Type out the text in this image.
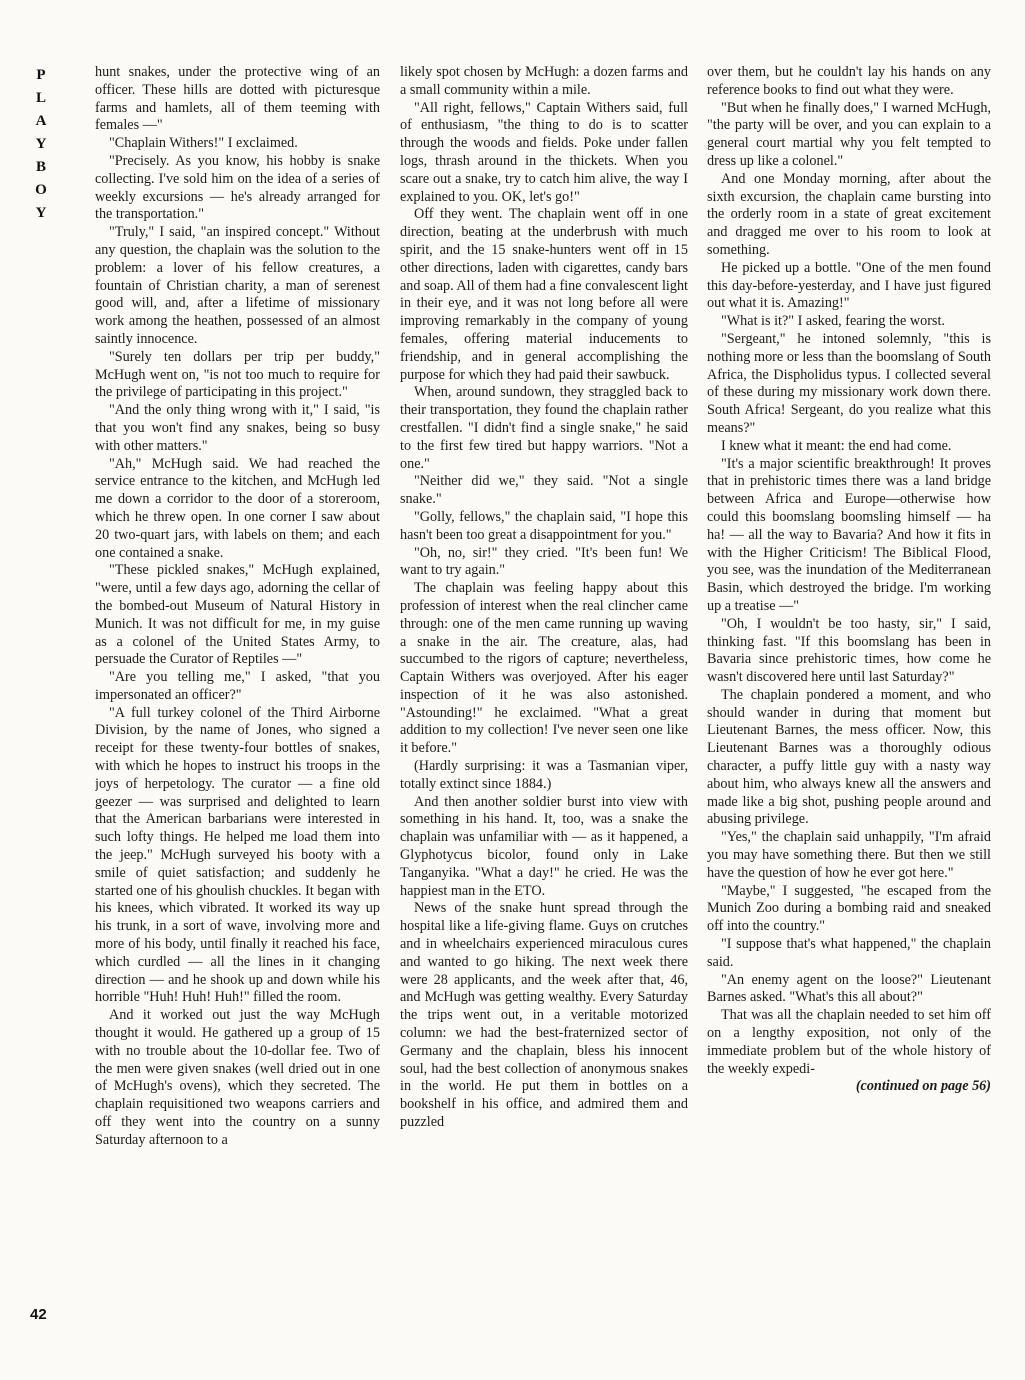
P
L
A
Y
B
O
Y
42

hunt snakes, under the protective wing of an officer. These hills are dotted with picturesque farms and hamlets, all of them teeming with females —"

"Chaplain Withers!" I exclaimed.

"Precisely. As you know, his hobby is snake collecting. I've sold him on the idea of a series of weekly excursions — he's already arranged for the transportation."

"Truly," I said, "an inspired concept." Without any question, the chaplain was the solution to the problem: a lover of his fellow creatures, a fountain of Christian charity, a man of serenest good will, and, after a lifetime of missionary work among the heathen, possessed of an almost saintly innocence.

"Surely ten dollars per trip per buddy," McHugh went on, "is not too much to require for the privilege of participating in this project."

"And the only thing wrong with it," I said, "is that you won't find any snakes, being so busy with other matters."

"Ah," McHugh said. We had reached the service entrance to the kitchen, and McHugh led me down a corridor to the door of a storeroom, which he threw open. In one corner I saw about 20 two-quart jars, with labels on them; and each one contained a snake.

"These pickled snakes," McHugh explained, "were, until a few days ago, adorning the cellar of the bombed-out Museum of Natural History in Munich. It was not difficult for me, in my guise as a colonel of the United States Army, to persuade the Curator of Reptiles —"

"Are you telling me," I asked, "that you impersonated an officer?"

"A full turkey colonel of the Third Airborne Division, by the name of Jones, who signed a receipt for these twenty-four bottles of snakes, with which he hopes to instruct his troops in the joys of herpetology. The curator — a fine old geezer — was surprised and delighted to learn that the American barbarians were interested in such lofty things. He helped me load them into the jeep." McHugh surveyed his booty with a smile of quiet satisfaction; and suddenly he started one of his ghoulish chuckles. It began with his knees, which vibrated. It worked its way up his trunk, in a sort of wave, involving more and more of his body, until finally it reached his face, which curdled — all the lines in it changing direction — and he shook up and down while his horrible "Huh! Huh! Huh!" filled the room.

And it worked out just the way McHugh thought it would. He gathered up a group of 15 with no trouble about the 10-dollar fee. Two of the men were given snakes (well dried out in one of McHugh's ovens), which they secreted. The chaplain requisitioned two weapons carriers and off they went into the country on a sunny Saturday afternoon to a

likely spot chosen by McHugh: a dozen farms and a small community within a mile.

"All right, fellows," Captain Withers said, full of enthusiasm, "the thing to do is to scatter through the woods and fields. Poke under fallen logs, thrash around in the thickets. When you scare out a snake, try to catch him alive, the way I explained to you. OK, let's go!"

Off they went. The chaplain went off in one direction, beating at the underbrush with much spirit, and the 15 snake-hunters went off in 15 other directions, laden with cigarettes, candy bars and soap. All of them had a fine convalescent light in their eye, and it was not long before all were improving remarkably in the company of young females, offering material inducements to friendship, and in general accomplishing the purpose for which they had paid their sawbuck.

When, around sundown, they straggled back to their transportation, they found the chaplain rather crestfallen. "I didn't find a single snake," he said to the first few tired but happy warriors. "Not a one."

"Neither did we," they said. "Not a single snake."

"Golly, fellows," the chaplain said, "I hope this hasn't been too great a disappointment for you."

"Oh, no, sir!" they cried. "It's been fun! We want to try again."

The chaplain was feeling happy about this profession of interest when the real clincher came through: one of the men came running up waving a snake in the air. The creature, alas, had succumbed to the rigors of capture; nevertheless, Captain Withers was overjoyed. After his eager inspection of it he was also astonished. "Astounding!" he exclaimed. "What a great addition to my collection! I've never seen one like it before."

(Hardly surprising: it was a Tasmanian viper, totally extinct since 1884.)

And then another soldier burst into view with something in his hand. It, too, was a snake the chaplain was unfamiliar with — as it happened, a Glyphotycus bicolor, found only in Lake Tanganyika. "What a day!" he cried. He was the happiest man in the ETO.

News of the snake hunt spread through the hospital like a life-giving flame. Guys on crutches and in wheelchairs experienced miraculous cures and wanted to go hiking. The next week there were 28 applicants, and the week after that, 46, and McHugh was getting wealthy. Every Saturday the trips went out, in a veritable motorized column: we had the best-fraternized sector of Germany and the chaplain, bless his innocent soul, had the best collection of anonymous snakes in the world. He put them in bottles on a bookshelf in his office, and admired them and puzzled

over them, but he couldn't lay his hands on any reference books to find out what they were.

"But when he finally does," I warned McHugh, "the party will be over, and you can explain to a general court martial why you felt tempted to dress up like a colonel."

And one Monday morning, after about the sixth excursion, the chaplain came bursting into the orderly room in a state of great excitement and dragged me over to his room to look at something.

He picked up a bottle. "One of the men found this day-before-yesterday, and I have just figured out what it is. Amazing!"

"What is it?" I asked, fearing the worst.

"Sergeant," he intoned solemnly, "this is nothing more or less than the boomslang of South Africa, the Dispholidus typus. I collected several of these during my missionary work down there. South Africa! Sergeant, do you realize what this means?"

I knew what it meant: the end had come.

"It's a major scientific breakthrough! It proves that in prehistoric times there was a land bridge between Africa and Europe—otherwise how could this boomslang boomsling himself — ha ha! — all the way to Bavaria? And how it fits in with the Higher Criticism! The Biblical Flood, you see, was the inundation of the Mediterranean Basin, which destroyed the bridge. I'm working up a treatise —"

"Oh, I wouldn't be too hasty, sir," I said, thinking fast. "If this boomslang has been in Bavaria since prehistoric times, how come he wasn't discovered here until last Saturday?"

The chaplain pondered a moment, and who should wander in during that moment but Lieutenant Barnes, the mess officer. Now, this Lieutenant Barnes was a thoroughly odious character, a puffy little guy with a nasty way about him, who always knew all the answers and made like a big shot, pushing people around and abusing privilege.

"Yes," the chaplain said unhappily, "I'm afraid you may have something there. But then we still have the question of how he ever got here."

"Maybe," I suggested, "he escaped from the Munich Zoo during a bombing raid and sneaked off into the country."

"I suppose that's what happened," the chaplain said.

"An enemy agent on the loose?" Lieutenant Barnes asked. "What's this all about?"

That was all the chaplain needed to set him off on a lengthy exposition, not only of the immediate problem but of the whole history of the weekly expedi-

(continued on page 56)
